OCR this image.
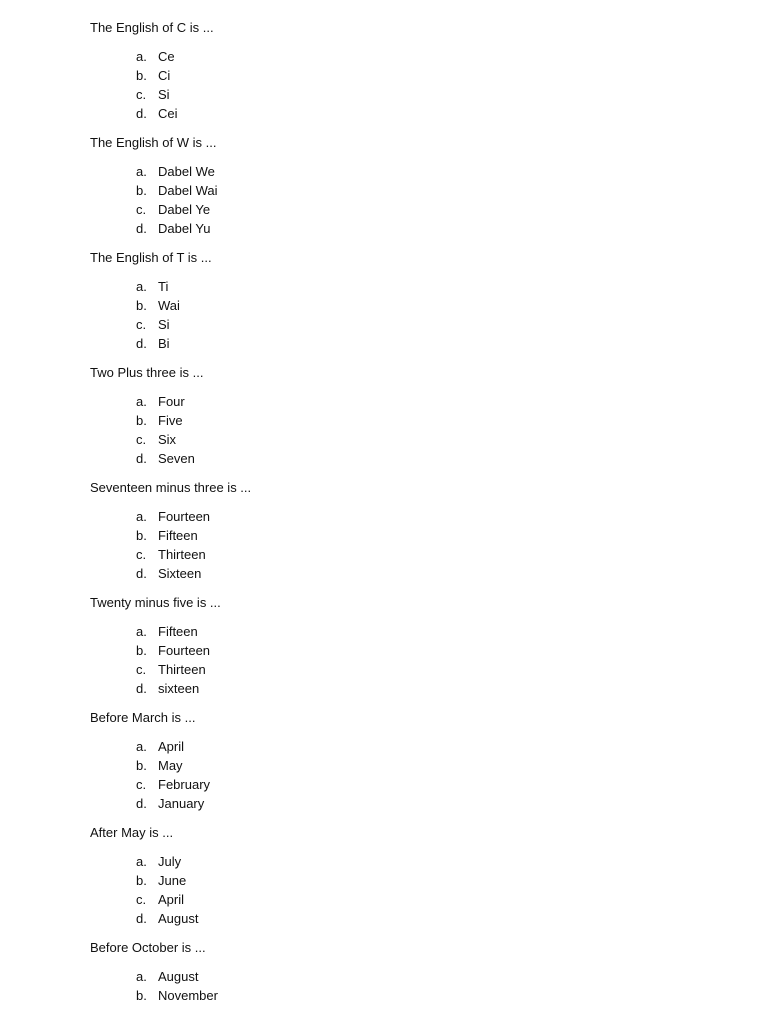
The English of C is ...

a. Ce
b. Ci
c. Si
d. Cei

The English of W is ...

a. Dabel We
b. Dabel Wai
c. Dabel Ye
d. Dabel Yu

The English of T is ...

a. Ti
b. Wai
c. Si
d. Bi

Two Plus three is ...

a. Four
b. Five
c. Six
d. Seven

Seventeen minus three is ...

a. Fourteen
b. Fifteen
c. Thirteen
d. Sixteen

Twenty minus five is ...

a. Fifteen
b. Fourteen
c. Thirteen
d. sixteen

Before March is ...

a. April
b. May
c. February
d. January

After May is ...

a. July
b. June
c. April
d. August

Before October is ...

a. August
b. November
